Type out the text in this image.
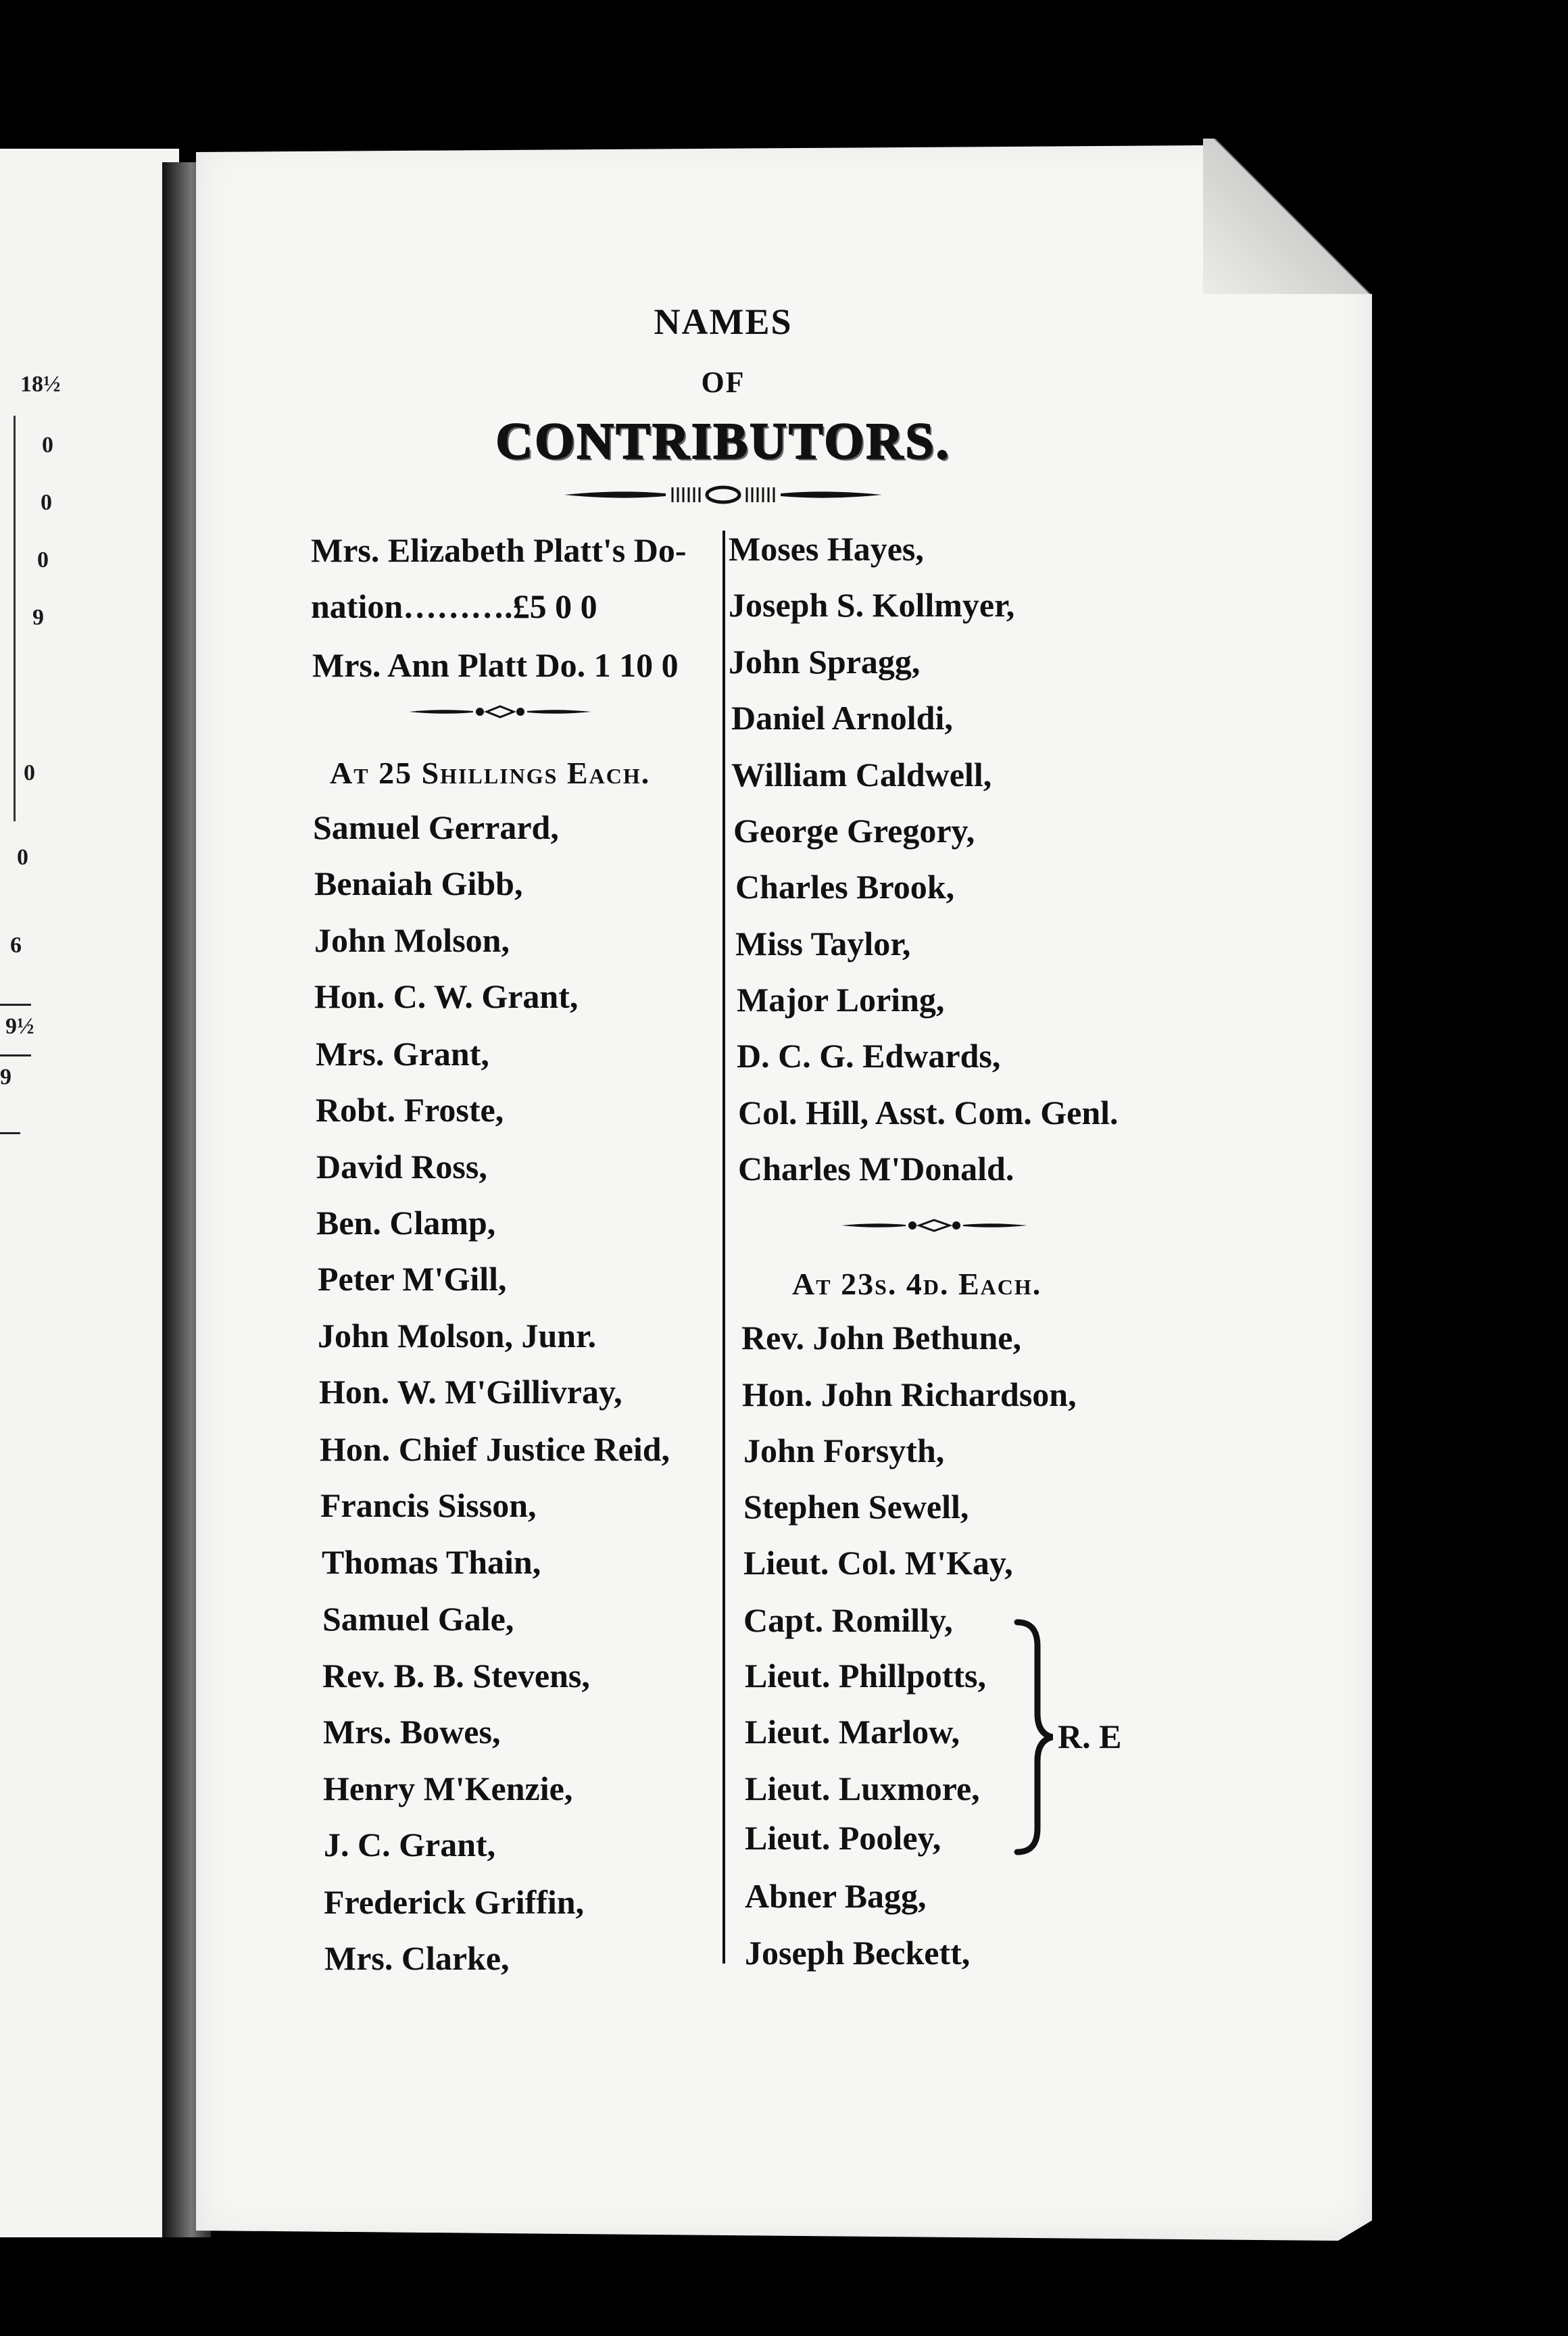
18½
0
0
0
9
0
0
6
9½
9
NAMES
OF
CONTRIBUTORS.
Mrs. Elizabeth Platt's Do-
nation……….£5 0 0
Mrs. Ann Platt Do. 1 10 0
At 25 Shillings Each.
Samuel Gerrard,
Benaiah Gibb,
John Molson,
Hon. C. W. Grant,
Mrs. Grant,
Robt. Froste,
David Ross,
Ben. Clamp,
Peter M'Gill,
John Molson, Junr.
Hon. W. M'Gillivray,
Hon. Chief Justice Reid,
Francis Sisson,
Thomas Thain,
Samuel Gale,
Rev. B. B. Stevens,
Mrs. Bowes,
Henry M'Kenzie,
J. C. Grant,
Frederick Griffin,
Mrs. Clarke,
Moses Hayes,
Joseph S. Kollmyer,
John Spragg,
Daniel Arnoldi,
William Caldwell,
George Gregory,
Charles Brook,
Miss Taylor,
Major Loring,
D. C. G. Edwards,
Col. Hill, Asst. Com. Genl.
Charles M'Donald.
At 23s. 4d. Each.
Rev. John Bethune,
Hon. John Richardson,
John Forsyth,
Stephen Sewell,
Lieut. Col. M'Kay,
Capt. Romilly,
Lieut. Phillpotts,
Lieut. Marlow,
Lieut. Luxmore,
Lieut. Pooley,
Abner Bagg,
Joseph Beckett,
R. E
